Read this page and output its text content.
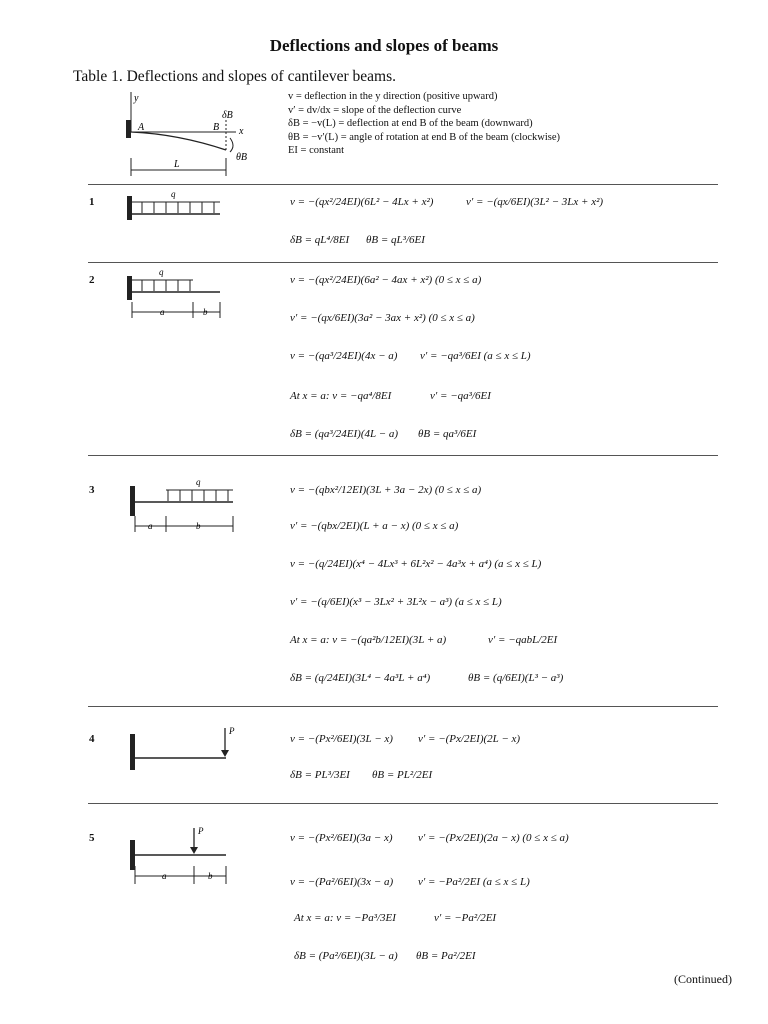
Deflections and slopes of beams
Table 1. Deflections and slopes of cantilever beams.
y
A	B
δB
x
θB
L
v = deflection in the y direction (positive upward)
v′ = dv/dx = slope of the deflection curve
δB = −v(L) = deflection at end B of the beam (downward)
θB = −v′(L) = angle of rotation at end B of the beam (clockwise)
EI = constant
1
q
v = −(qx²/24EI)(6L² − 4Lx + x²)	v′ = −(qx/6EI)(3L² − 3Lx + x²)
δB = qL⁴/8EI θB = qL³/6EI
2
q
a	b
v = −(qx²/24EI)(6a² − 4ax + x²) (0 ≤ x ≤ a)
v′ = −(qx/6EI)(3a² − 3ax + x²) (0 ≤ x ≤ a)
v = −(qa³/24EI)(4x − a) v′ = −qa³/6EI (a ≤ x ≤ L)
At x = a: v = −qa⁴/8EI	v′ = −qa³/6EI
δB = (qa³/24EI)(4L − a) θB = qa³/6EI
3
q
a	b
v = −(qbx²/12EI)(3L + 3a − 2x) (0 ≤ x ≤ a)
v′ = −(qbx/2EI)(L + a − x) (0 ≤ x ≤ a)
v = −(q/24EI)(x⁴ − 4Lx³ + 6L²x² − 4a³x + a⁴) (a ≤ x ≤ L)
v′ = −(q/6EI)(x³ − 3Lx² + 3L²x − a³) (a ≤ x ≤ L)
At x = a: v = −(qa²b/12EI)(3L + a)	v′ = −qabL/2EI
δB = (q/24EI)(3L⁴ − 4a³L + a⁴)	θB = (q/6EI)(L³ − a³)
4
P
v = −(Px²/6EI)(3L − x) v′ = −(Px/2EI)(2L − x)
δB = PL³/3EI θB = PL²/2EI
5
P
a	b
v = −(Px²/6EI)(3a − x) v′ = −(Px/2EI)(2a − x) (0 ≤ x ≤ a)
v = −(Pa²/6EI)(3x − a) v′ = −Pa²/2EI (a ≤ x ≤ L)
At x = a: v = −Pa³/3EI	v′ = −Pa²/2EI
δB = (Pa²/6EI)(3L − a) θB = Pa²/2EI
(Continued)
